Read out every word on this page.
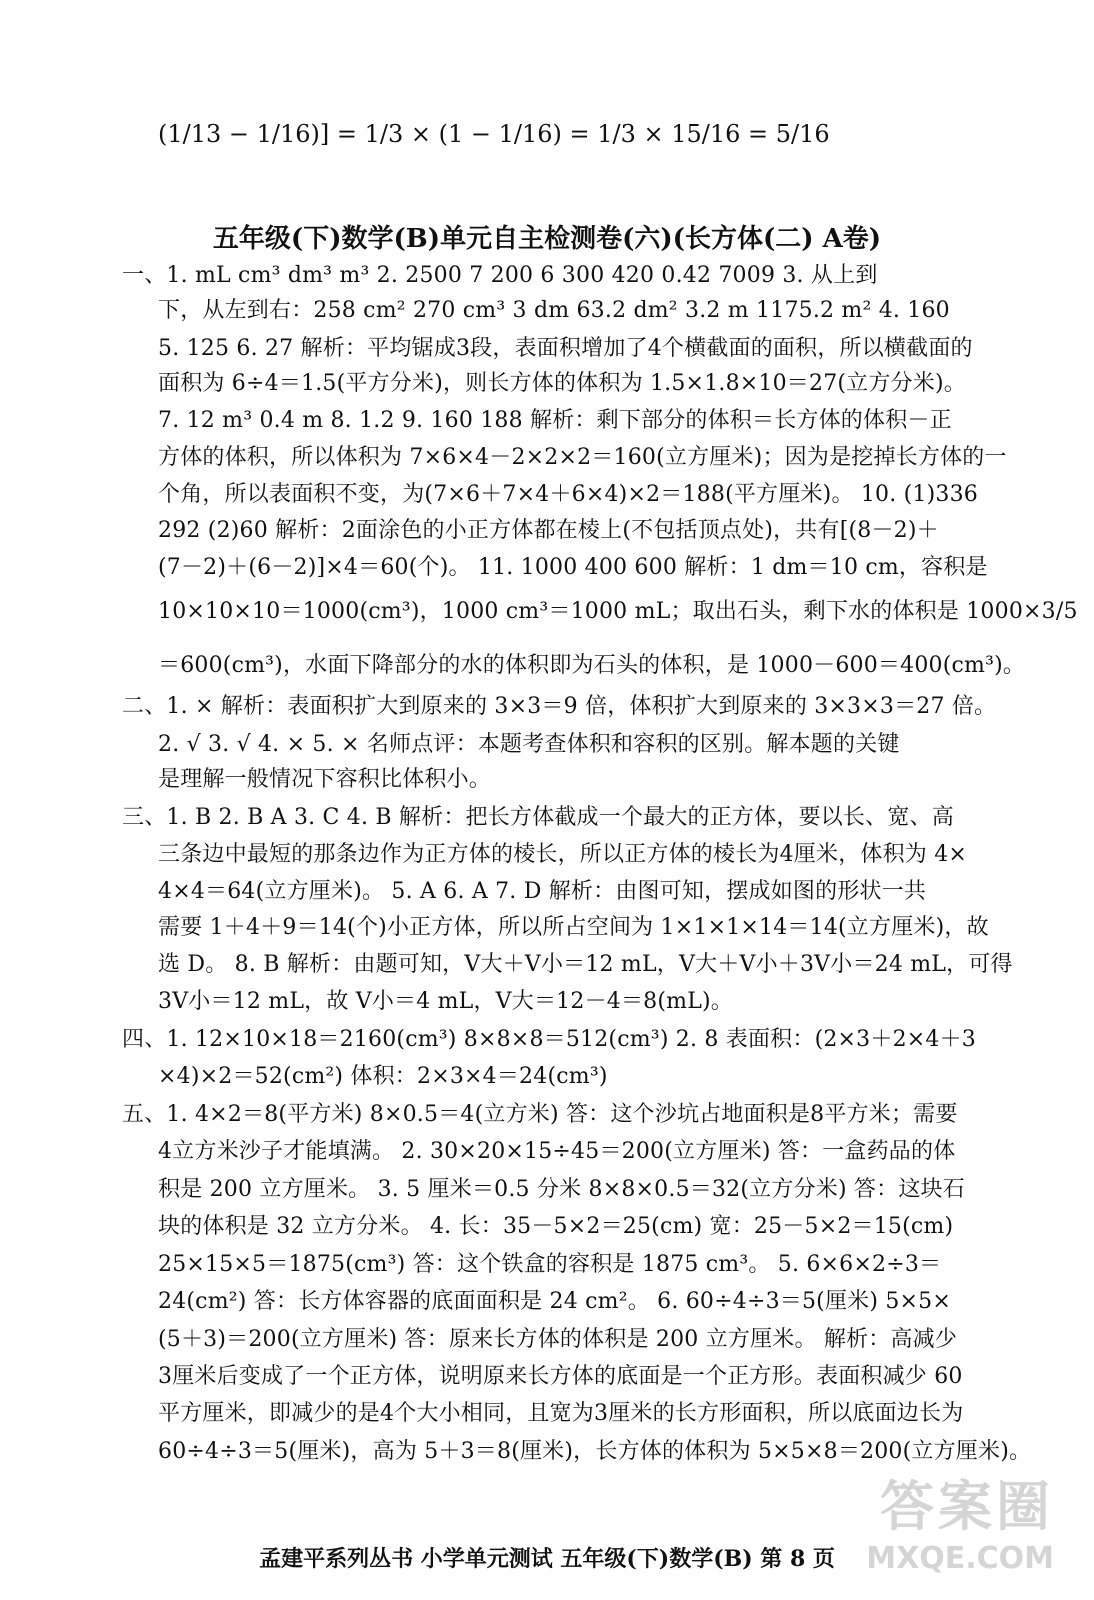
(1/13 − 1/16)] = 1/3 × (1 − 1/16) = 1/3 × 15/16 = 5/16
五年级(下)数学(B)单元自主检测卷(六)(长方体(二) A卷)
一、1. mL cm³ dm³ m³ 2. 2500 7 200 6 300 420 0.42 7009 3. 从上到
下，从左到右：258 cm² 270 cm³ 3 dm 63.2 dm² 3.2 m 1175.2 m² 4. 160
5. 125 6. 27 解析：平均锯成3段，表面积增加了4个横截面的面积，所以横截面的
面积为 6÷4＝1.5(平方分米)，则长方体的体积为 1.5×1.8×10＝27(立方分米)。
7. 12 m³ 0.4 m 8. 1.2 9. 160 188 解析：剩下部分的体积＝长方体的体积－正
方体的体积，所以体积为 7×6×4－2×2×2＝160(立方厘米)；因为是挖掉长方体的一
个角，所以表面积不变，为(7×6＋7×4＋6×4)×2＝188(平方厘米)。 10. (1)336
292 (2)60 解析：2面涂色的小正方体都在棱上(不包括顶点处)，共有[(8－2)＋
(7－2)＋(6－2)]×4＝60(个)。 11. 1000 400 600 解析：1 dm＝10 cm，容积是
10×10×10＝1000(cm³)，1000 cm³＝1000 mL；取出石头，剩下水的体积是 1000×3/5
＝600(cm³)，水面下降部分的水的体积即为石头的体积，是 1000－600＝400(cm³)。
二、1. × 解析：表面积扩大到原来的 3×3＝9 倍，体积扩大到原来的 3×3×3＝27 倍。
2. √ 3. √ 4. × 5. × 名师点评：本题考查体积和容积的区别。解本题的关键
是理解一般情况下容积比体积小。
三、1. B 2. B A 3. C 4. B 解析：把长方体截成一个最大的正方体，要以长、宽、高
三条边中最短的那条边作为正方体的棱长，所以正方体的棱长为4厘米，体积为 4×
4×4＝64(立方厘米)。 5. A 6. A 7. D 解析：由图可知，摆成如图的形状一共
需要 1＋4＋9＝14(个)小正方体，所以所占空间为 1×1×1×14＝14(立方厘米)，故
选 D。 8. B 解析：由题可知，V大＋V小＝12 mL，V大＋V小＋3V小＝24 mL，可得
3V小＝12 mL，故 V小＝4 mL，V大＝12－4＝8(mL)。
四、1. 12×10×18＝2160(cm³) 8×8×8＝512(cm³) 2. 8 表面积：(2×3＋2×4＋3
×4)×2＝52(cm²) 体积：2×3×4＝24(cm³)
五、1. 4×2＝8(平方米) 8×0.5＝4(立方米) 答：这个沙坑占地面积是8平方米；需要
4立方米沙子才能填满。 2. 30×20×15÷45＝200(立方厘米) 答：一盒药品的体
积是 200 立方厘米。 3. 5 厘米＝0.5 分米 8×8×0.5＝32(立方分米) 答：这块石
块的体积是 32 立方分米。 4. 长：35－5×2＝25(cm) 宽：25－5×2＝15(cm)
25×15×5＝1875(cm³) 答：这个铁盒的容积是 1875 cm³。 5. 6×6×2÷3＝
24(cm²) 答：长方体容器的底面面积是 24 cm²。 6. 60÷4÷3＝5(厘米) 5×5×
(5＋3)＝200(立方厘米) 答：原来长方体的体积是 200 立方厘米。 解析：高减少
3厘米后变成了一个正方体，说明原来长方体的底面是一个正方形。表面积减少 60
平方厘米，即减少的是4个大小相同，且宽为3厘米的长方形面积，所以底面边长为
60÷4÷3＝5(厘米)，高为 5＋3＝8(厘米)，长方体的体积为 5×5×8＝200(立方厘米)。
孟建平系列丛书 小学单元测试 五年级(下)数学(B) 第 8 页
答案圈
MXQE.COM
